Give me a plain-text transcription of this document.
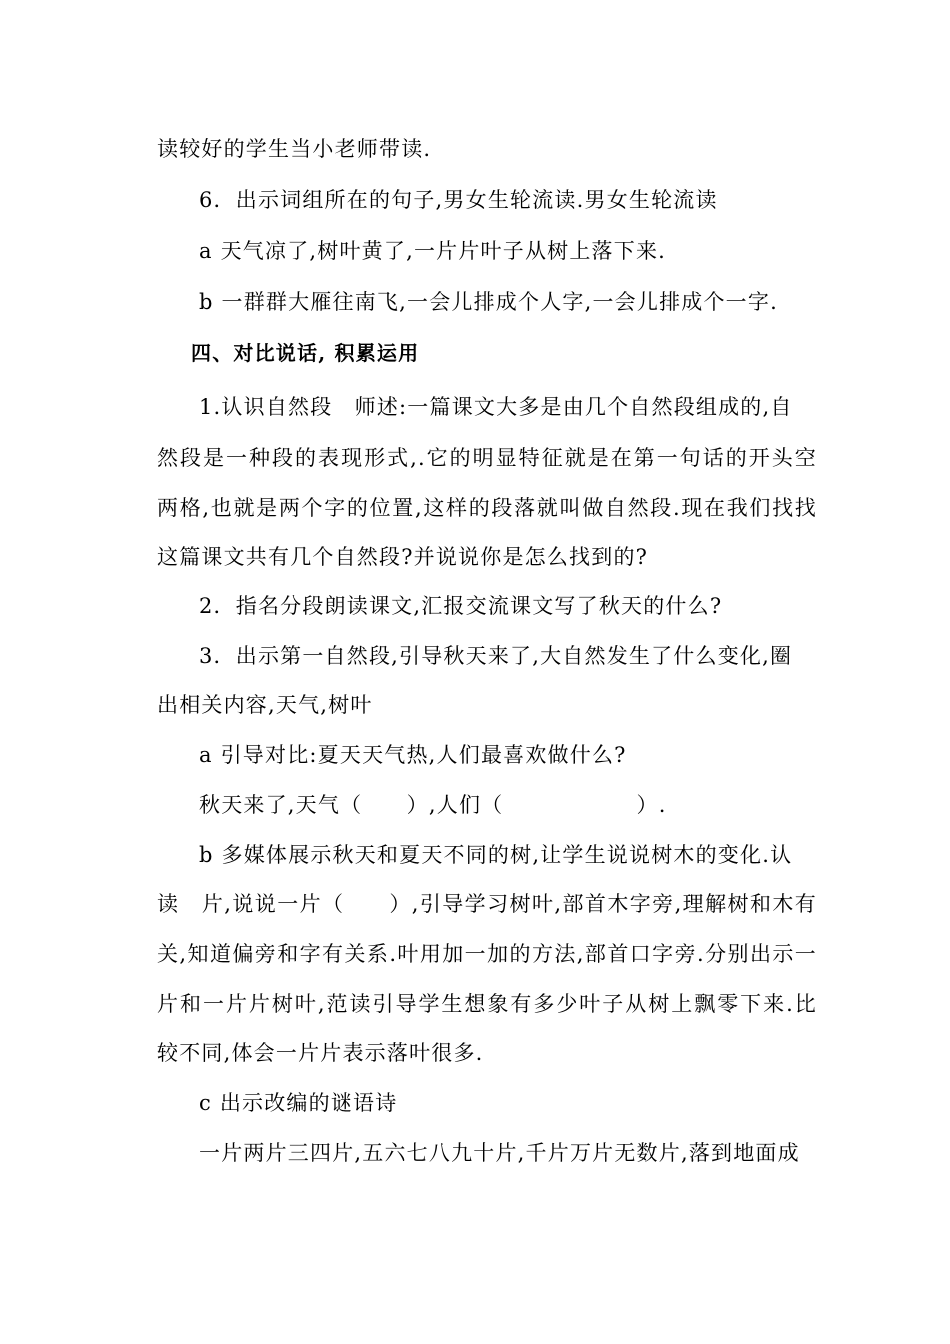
读较好的学生当小老师带读.
6．出示词组所在的句子,男女生轮流读.男女生轮流读
a 天气凉了,树叶黄了,一片片叶子从树上落下来.
b 一群群大雁往南飞,一会儿排成个人字,一会儿排成个一字.
四、对比说话, 积累运用
1.认识自然段　师述:一篇课文大多是由几个自然段组成的,自
然段是一种段的表现形式,.它的明显特征就是在第一句话的开头空
两格,也就是两个字的位置,这样的段落就叫做自然段.现在我们找找
这篇课文共有几个自然段?并说说你是怎么找到的?
2．指名分段朗读课文,汇报交流课文写了秋天的什么?
3．出示第一自然段,引导秋天来了,大自然发生了什么变化,圈
出相关内容,天气,树叶
a 引导对比:夏天天气热,人们最喜欢做什么?
秋天来了,天气（　　）,人们（　　　　　　）.
b 多媒体展示秋天和夏天不同的树,让学生说说树木的变化.认
读　片,说说一片（　　）,引导学习树叶,部首木字旁,理解树和木有
关,知道偏旁和字有关系.叶用加一加的方法,部首口字旁.分别出示一
片和一片片树叶,范读引导学生想象有多少叶子从树上飘零下来.比
较不同,体会一片片表示落叶很多.
c 出示改编的谜语诗
一片两片三四片,五六七八九十片,千片万片无数片,落到地面成
